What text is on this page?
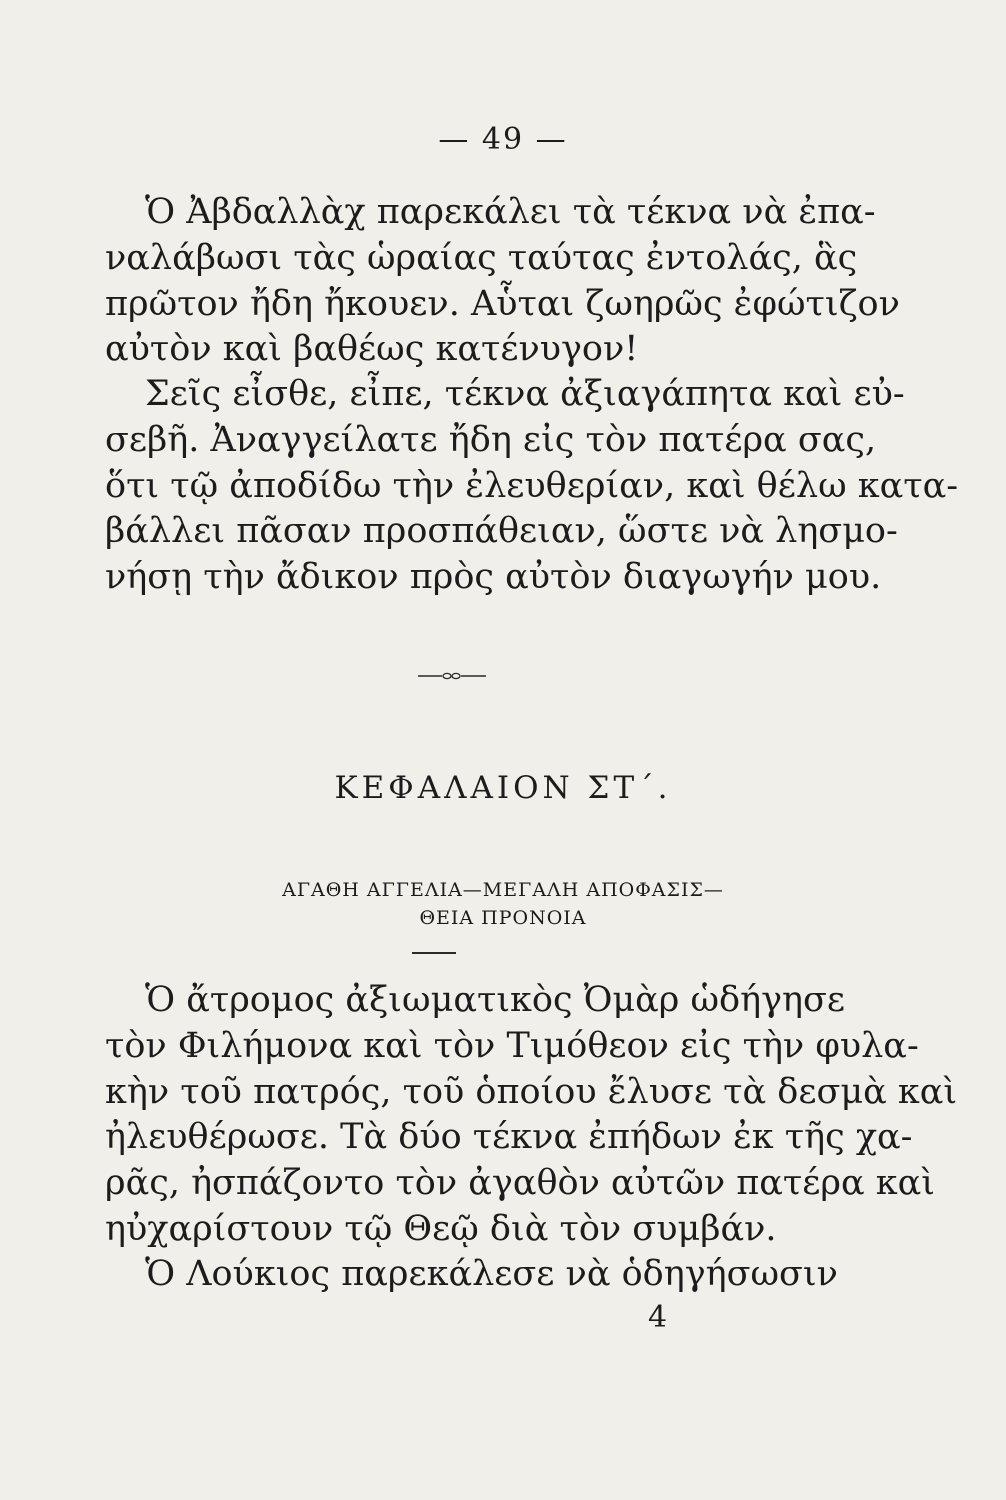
— 49 —
Ὁ Ἀβδαλλὰχ παρεκάλει τὰ τέκνα νὰ ἐπα-
ναλάβωσι τὰς ὡραίας ταύτας ἐντολάς, ἃς
πρῶτον ἤδη ἤκουεν. Αὗται ζωηρῶς ἐφώτιζον
αὐτὸν καὶ βαθέως κατένυγον!
Σεῖς εἶσθε, εἶπε, τέκνα ἀξιαγάπητα καὶ εὐ-
σεβῆ. Ἀναγγείλατε ἤδη εἰς τὸν πατέρα σας,
ὅτι τῷ ἀποδίδω τὴν ἐλευθερίαν, καὶ θέλω κατα-
βάλλει πᾶσαν προσπάθειαν, ὥστε νὰ λησμο-
νήσῃ τὴν ἄδικον πρὸς αὐτὸν διαγωγήν μου.
ΚΕΦΑΛΑΙΟΝ ΣΤ΄.
ΑΓΑΘΗ ΑΓΓΕΛΙΑ—ΜΕΓΑΛΗ ΑΠΟΦΑΣΙΣ—
ΘΕΙΑ ΠΡΟΝΟΙΑ
Ὁ ἄτρομος ἀξιωματικὸς Ὀμὰρ ὡδήγησε
τὸν Φιλήμονα καὶ τὸν Τιμόθεον εἰς τὴν φυλα-
κὴν τοῦ πατρός, τοῦ ὁποίου ἔλυσε τὰ δεσμὰ καὶ
ἠλευθέρωσε. Τὰ δύο τέκνα ἐπήδων ἐκ τῆς χα-
ρᾶς, ἠσπάζοντο τὸν ἀγαθὸν αὐτῶν πατέρα καὶ
ηὐχαρίστουν τῷ Θεῷ διὰ τὸν συμβάν.
Ὁ Λούκιος παρεκάλεσε νὰ ὁδηγήσωσιν
4
